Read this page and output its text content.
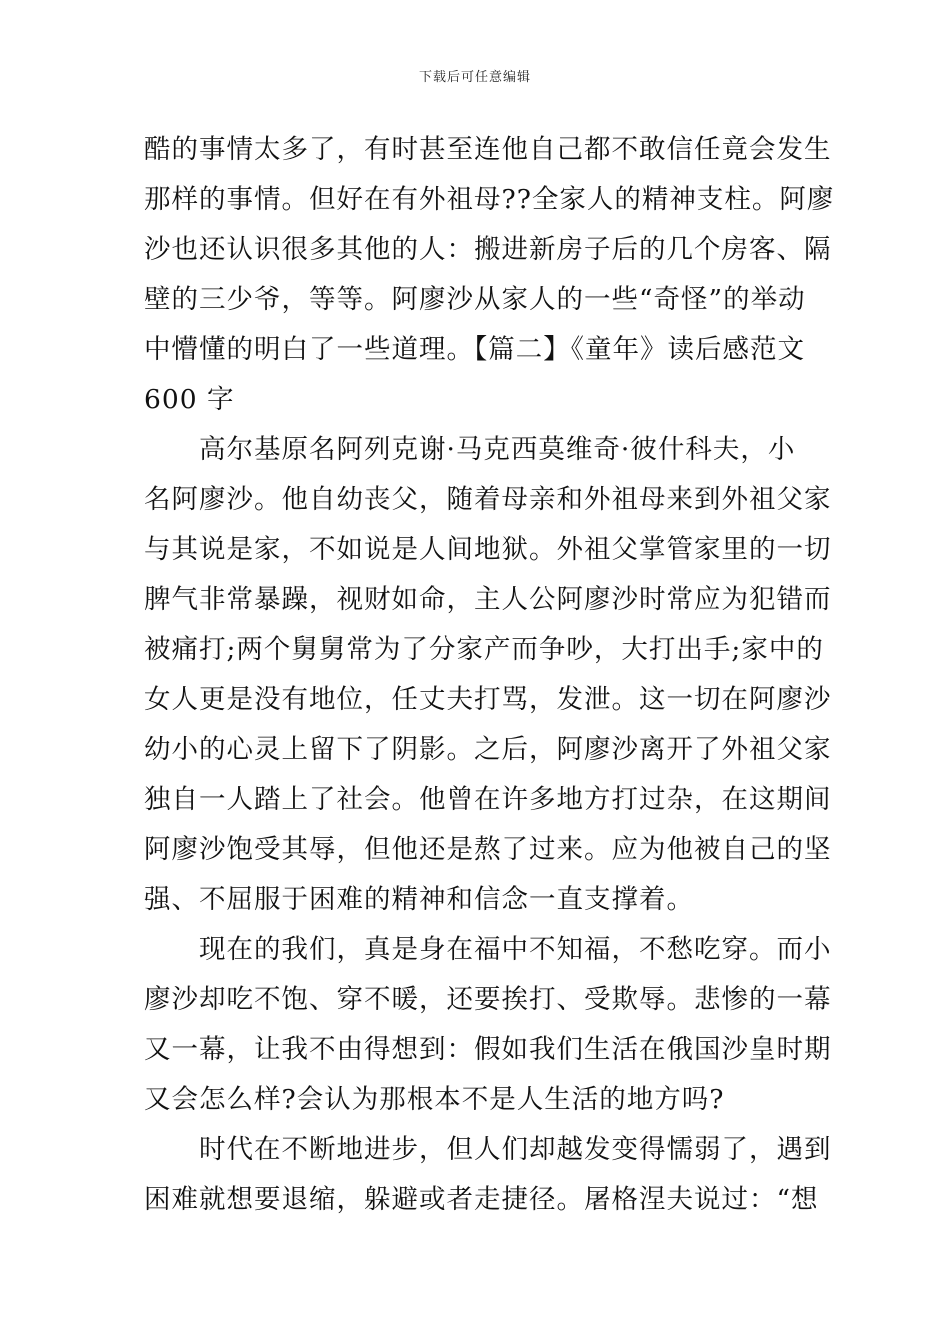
下载后可任意编辑
酷的事情太多了，有时甚至连他自己都不敢信任竟会发生
那样的事情。但好在有外祖母??全家人的精神支柱。阿廖
沙也还认识很多其他的人：搬进新房子后的几个房客、隔
壁的三少爷，等等。阿廖沙从家人的一些“奇怪”的举动
中懵懂的明白了一些道理。【篇二】《童年》读后感范文
600 字
　　高尔基原名阿列克谢·马克西莫维奇·彼什科夫，小
名阿廖沙。他自幼丧父，随着母亲和外祖母来到外祖父家
与其说是家，不如说是人间地狱。外祖父掌管家里的一切
脾气非常暴躁，视财如命，主人公阿廖沙时常应为犯错而
被痛打;两个舅舅常为了分家产而争吵，大打出手;家中的
女人更是没有地位，任丈夫打骂，发泄。这一切在阿廖沙
幼小的心灵上留下了阴影。之后，阿廖沙离开了外祖父家
独自一人踏上了社会。他曾在许多地方打过杂，在这期间
阿廖沙饱受其辱，但他还是熬了过来。应为他被自己的坚
强、不屈服于困难的精神和信念一直支撑着。
　　现在的我们，真是身在福中不知福，不愁吃穿。而小
廖沙却吃不饱、穿不暖，还要挨打、受欺辱。悲惨的一幕
又一幕，让我不由得想到：假如我们生活在俄国沙皇时期
又会怎么样?会认为那根本不是人生活的地方吗?
　　时代在不断地进步，但人们却越发变得懦弱了，遇到
困难就想要退缩，躲避或者走捷径。屠格涅夫说过：“想
